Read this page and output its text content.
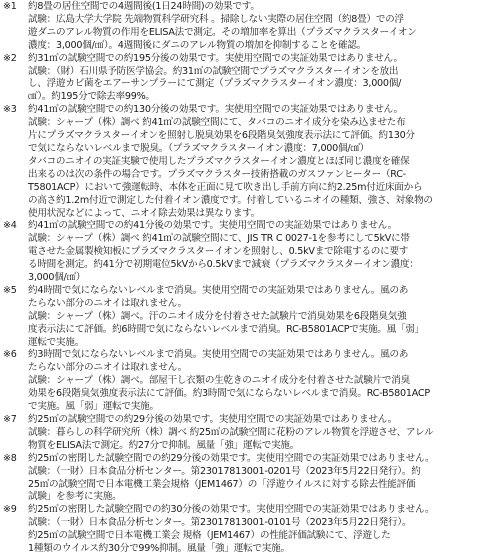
※1	約8畳の居住空間での4週間後(1日24時間)の効果です。
試験：広島大学大学院 先端物質科学研究科 。掃除しない実際の居住空間（約8畳）での浮
遊ダニのアレル物質の作用をELISA法で測定。その増加率を算出（プラズマクラスターイオン
濃度：3,000個/㎤）。4週間後にダニのアレル物質の増加を抑制することを確認。
※2	約31㎥の試験空間での約195分後の効果です。実使用空間での実証効果ではありません。
試験：（財）石川県予防医学協会。約31㎥の試験空間でプラズマクラスターイオンを放出
し、浮遊カビ菌をエアーサンプラーにて測定（プラズマクラスターイオン濃度：3,000個/
㎤）。約195分で除去率99%。
※3	約41㎥の試験空間での約130分後の効果です。実使用空間での実証効果ではありません。
試験：シャープ（株）調べ 約41㎥の試験空間にて、タバコのニオイ成分を染み込ませた布
片にプラズマクラスターイオンを照射し脱臭効果を6段階臭気強度表示法にて評価。約130分
で気にならないレベルまで脱臭。（プラズマクラスターイオン濃度：7,000個/㎤）
タバコのニオイの実証実験で使用したプラズマクラスターイオン濃度とほぼ同じ濃度を確保
出来るのは次の条件の場合です。プラズマクラスター技術搭載のガスファンヒーター（RC-
T5801ACP）において強運転時、本体を正面に見て吹き出し手前方向に約2.25m付近床面から
の高さ約1.2m付近で測定した付着イオン濃度です。付着しているニオイの種類、強さ、対象物の
使用状況などによって、ニオイ除去効果は異なります。
※4	約41㎥の試験空間での約41分後の効果です。実使用空間での実証効果ではありません。
試験：シャープ（株）調べ 約41㎥の試験空間にて、JIS TR C 0027-1を参考にして5kVに帯
電させた金属製検知板にプラズマクラスターイオンを照射し、0.5kVまで除電するのに要す
る時間を測定。約41分で初期電位5kVから0.5kVまで減衰（プラズマクラスターイオン濃度：
3,000個/㎤）
※5	約4時間で気にならないレベルまで消臭。実使用空間での実証効果ではありません。風のあ
たらない部分のニオイは取れません。
試験：シャープ（株）調べ。汗のニオイ成分を付着させた試験片で消臭効果を6段階臭気強
度表示法にて評価。約6時間で気にならないレベルまで消臭。RC-B5801ACPで実施。風「弱」
運転で実施。
※6	約3時間で気にならないレベルまで消臭。実使用空間での実証効果ではありません。風のあ
たらない部分のニオイは取れません。
試験：シャープ（株）調べ。部屋干し衣類の生乾きのニオイ成分を付着させた試験片で消臭
効果を6段階臭気強度表示法にて評価。約3時間で気にならないレベルまで消臭。RC-B5801ACP
で実施。風「弱」運転で実施。
※7	約25㎥の試験空間での約29分後の効果です。実使用空間での実証効果ではありません。
試験：暮らしの科学研究所（株）調べ 約25㎥の試験空間に花粉のアレル物質を浮遊させ、アレル
物質をELISA法で測定。約27分で抑制。風量「強」運転で実施。
※8	約25㎥の密閉した試験空間での約29分後の効果です。実使用空間での実証効果ではありません。
試験：（一財）日本食品分析センター。第23017813001-0201号（2023年5月22日発行）。約
25㎥の試験空間で日本電機工業会規格（JEM1467）の「浮遊ウイルスに対する除去性能評価
試験」を参考に実施。
※9	約25㎥の密閉した試験空間での約30分後の効果です。実使用空間での実証効果ではありません。
試験：（一財）日本食品分析センター。第23017813001-0101号（2023年5月22日発行）。
約25㎥の試験空間で日本電機工業会 規格（JEM1467）の性能評価試験にて、浮遊した
1種類のウイルス約30分で99%抑制。風量「強」運転で実施。
